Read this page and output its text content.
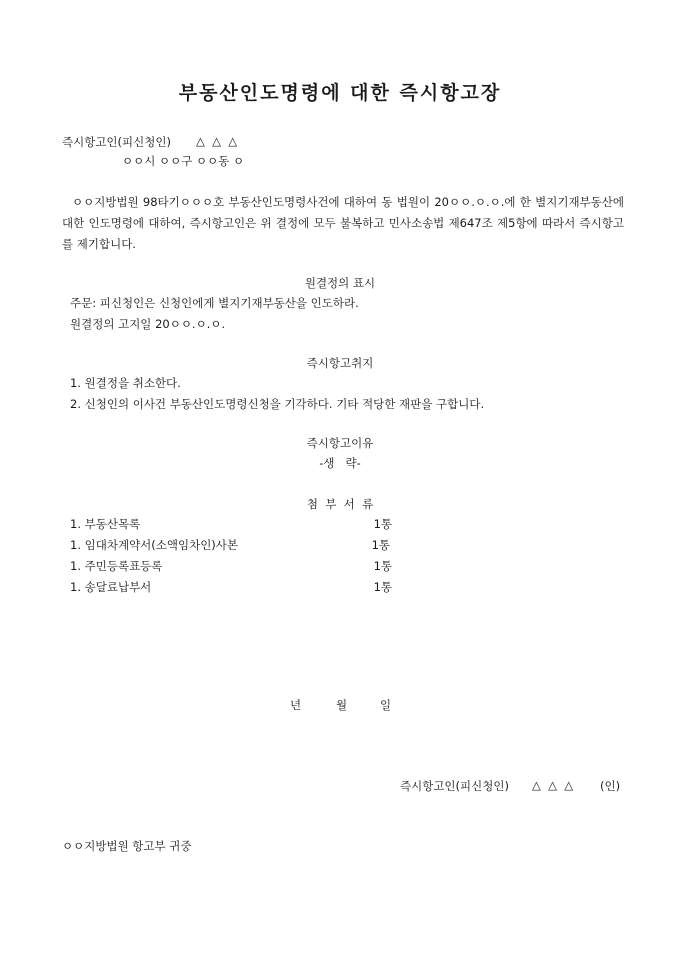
부동산인도명령에 대한 즉시항고장
즉시항고인(피신청인) △  △  △
ㅇㅇ시 ㅇㅇ구 ㅇㅇ동 ㅇ
ㅇㅇ지방법원 98타기ㅇㅇㅇ호 부동산인도명령사건에 대하여 동 법원이 20ㅇㅇ.ㅇ.ㅇ.에 한 별지기재부동산에 대한 인도명령에 대하여, 즉시항고인은 위 결정에 모두 불복하고 민사소송법 제647조 제5항에 따라서 즉시항고를 제기합니다.
원결정의 표시
주문: 피신청인은 신청인에게 별지기재부동산을 인도하라.
원결정의 고지일 20ㅇㅇ.ㅇ.ㅇ.
즉시항고취지
1. 원결정을 취소한다.
2. 신청인의 이사건 부동산인도명령신청을 기각하다. 기타 적당한 재판을 구합니다.
즉시항고이유
-생   략-
첨  부  서  류
1. 부동산목록	1통
1. 임대차계약서(소액임차인)사본	1통
1. 주민등록표등록	1통
1. 송달료납부서	1통
년	월	일
즉시항고인(피신청인) △  △  △ (인)
ㅇㅇ지방법원 항고부 귀중
